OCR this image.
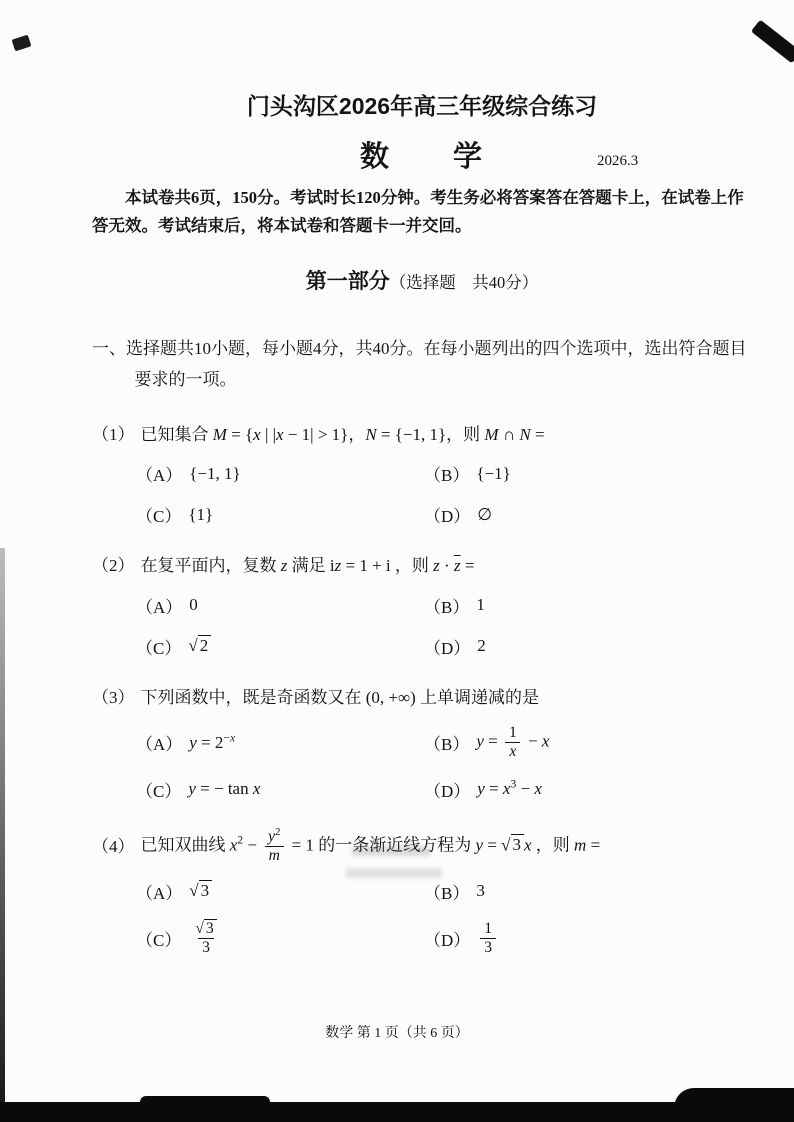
门头沟区2026年高三年级综合练习
数　　学	2026.3

本试卷共6页，150分。考试时长120分钟。考生务必将答案答在答题卡上，在试卷上作答无效。考试结束后，将本试卷和答题卡一并交回。

第一部分（选择题　共40分）

一、选择题共10小题，每小题4分，共40分。在每小题列出的四个选项中，选出符合题目要求的一项。

（1） 已知集合 M = {x | |x − 1| > 1}，N = {−1, 1}，则 M ∩ N =
（A） {−1, 1}	（B） {−1}
（C） {1}	（D） ∅
（2） 在复平面内，复数 z 满足 iz = 1 + i ，则 $z \cdot \overline{z}$ =
（A） 0	（B） 1
（C） √ 2	（D） 2
（3） 下列函数中，既是奇函数又在 (0, +∞) 上单调递减的是
（A） $y = 2^{-x}$	（B） $y = \frac{1}{x} - x$
（C） y = − tan x	（D） $y = x^3 - x$
（4） 已知双曲线 $x^2 - \frac{y^2}{m} = 1$ 的一条渐近线方程为 y = √ 3 x ，则 m =
（A） √ 3	（B） 3
$(C) \frac{√ 3}{3}$	$(D) \frac{1}{3}$
数学 第 1 页（共 6 页）
